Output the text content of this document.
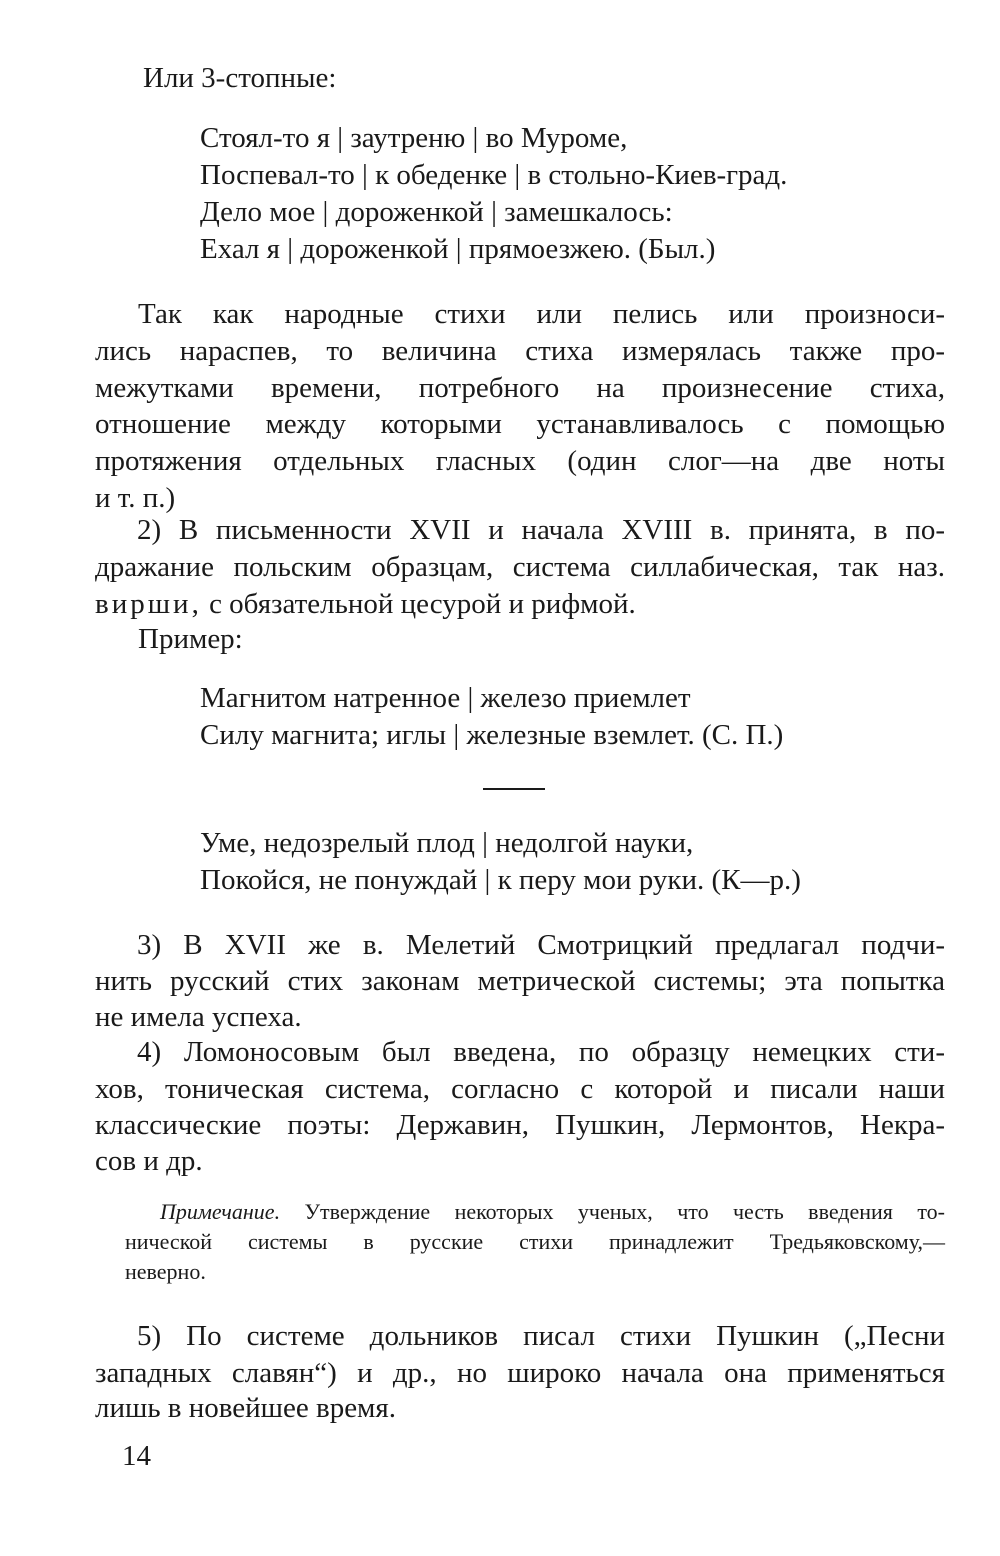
Или 3-стопные:
Стоял-то я | заутреню | во Муроме,
Поспевал-то | к обеденке | в стольно-Киев-град.
Дело мое | дороженкой | замешкалось:
Ехал я | дороженкой | прямоезжею. (Был.)
Так как народные стихи или пелись или произноси-
лись нараспев, то величина стиха измерялась также про-
межутками времени, потребного на произнесение стиха,
отношение между которыми устанавливалось с помощью
протяжения отдельных гласных (один слог—на две ноты
и т. п.)
2) В письменности XVII и начала XVIII в. принята, в по-
дражание польским образцам, система силлабическая, так наз.
вирши, с обязательной цесурой и рифмой.
Пример:
Магнитом натренное | железо приемлет
Силу магнита; иглы | железные вземлет. (С. П.)
Уме, недозрелый плод | недолгой науки,
Покойся, не понуждай | к перу мои руки. (К—р.)
3) В XVII же в. Мелетий Смотрицкий предлагал подчи-
нить русский стих законам метрической системы; эта попытка
не имела успеха.
4) Ломоносовым был введена, по образцу немецких сти-
хов, тоническая система, согласно с которой и писали наши
классические поэты: Державин, Пушкин, Лермонтов, Некра-
сов и др.
Примечание. Утверждение некоторых ученых, что честь введения то-
нической системы в русские стихи принадлежит Тредьяковскому,—
неверно.
5) По системе дольников писал стихи Пушкин („Песни
западных славян“) и др., но широко начала она применяться
лишь в новейшее время.
14
